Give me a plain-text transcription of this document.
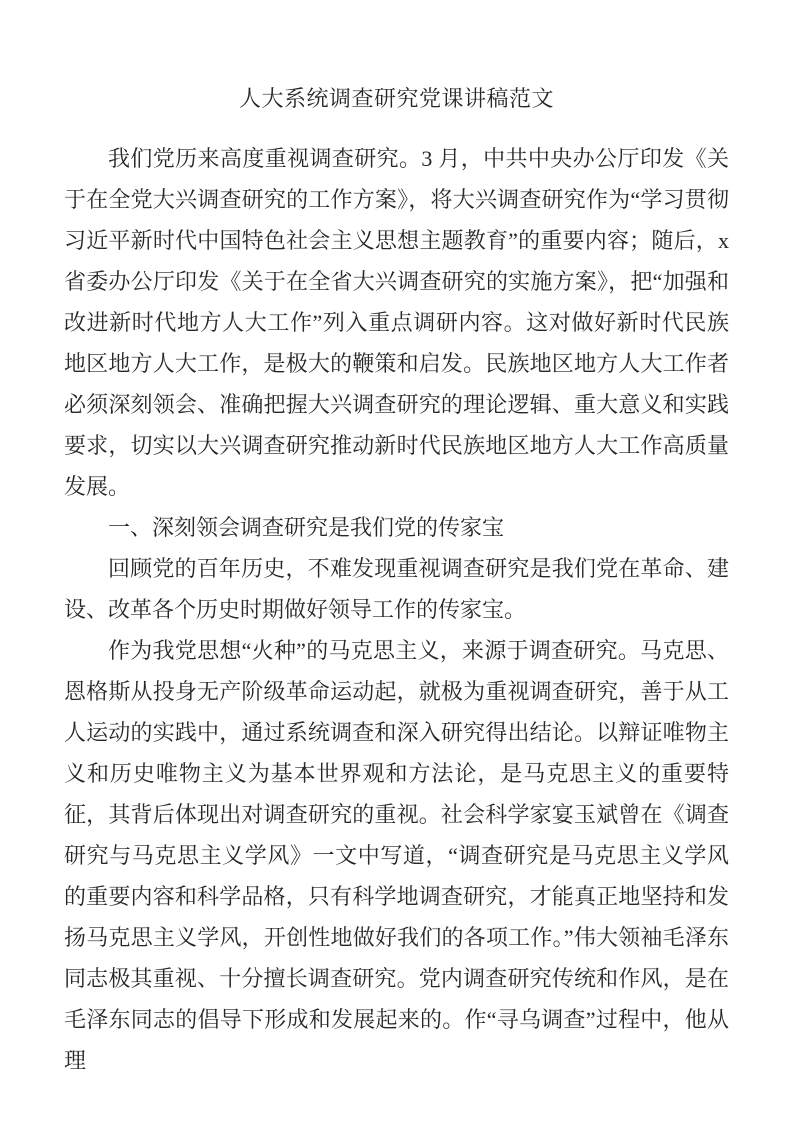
人大系统调查研究党课讲稿范文

我们党历来高度重视调查研究。3 月，中共中央办公厅印发《关于在全党大兴调查研究的工作方案》，将大兴调查研究作为“学习贯彻习近平新时代中国特色社会主义思想主题教育”的重要内容；随后，x 省委办公厅印发《关于在全省大兴调查研究的实施方案》，把“加强和改进新时代地方人大工作”列入重点调研内容。这对做好新时代民族地区地方人大工作，是极大的鞭策和启发。民族地区地方人大工作者必须深刻领会、准确把握大兴调查研究的理论逻辑、重大意义和实践要求，切实以大兴调查研究推动新时代民族地区地方人大工作高质量发展。

一、深刻领会调查研究是我们党的传家宝

回顾党的百年历史，不难发现重视调查研究是我们党在革命、建设、改革各个历史时期做好领导工作的传家宝。

作为我党思想“火种”的马克思主义，来源于调查研究。马克思、恩格斯从投身无产阶级革命运动起，就极为重视调查研究，善于从工人运动的实践中，通过系统调查和深入研究得出结论。以辩证唯物主义和历史唯物主义为基本世界观和方法论，是马克思主义的重要特征，其背后体现出对调查研究的重视。社会科学家宴玉斌曾在《调查研究与马克思主义学风》一文中写道，“调查研究是马克思主义学风的重要内容和科学品格，只有科学地调查研究，才能真正地坚持和发扬马克思主义学风，开创性地做好我们的各项工作。”伟大领袖毛泽东同志极其重视、十分擅长调查研究。党内调查研究传统和作风，是在毛泽东同志的倡导下形成和发展起来的。作“寻乌调查”过程中，他从理
